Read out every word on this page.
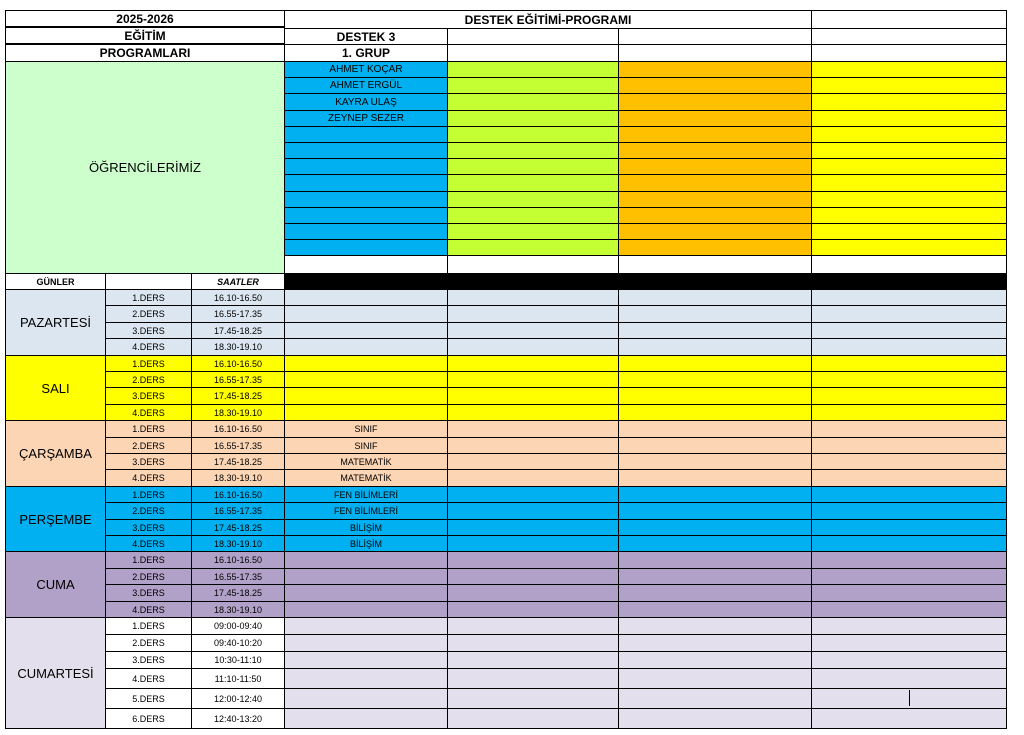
2025-2026
EĞİTİM
PROGRAMLARI
DESTEK EĞİTİMİ-PROGRAMI
DESTEK 3
1. GRUP
ÖĞRENCİLERİMİZ
AHMET KOÇAR
AHMET ERGÜL
KAYRA ULAŞ
ZEYNEP SEZER
GÜNLER	SAATLER
PAZARTESİ
1.DERS	16.10-16.50
2.DERS	16.55-17.35
3.DERS	17.45-18.25
4.DERS	18.30-19.10
SALI
1.DERS	16.10-16.50
2.DERS	16.55-17.35
3.DERS	17.45-18.25
4.DERS	18.30-19.10
ÇARŞAMBA
1.DERS	16.10-16.50	SINIF
2.DERS	16.55-17.35	SINIF
3.DERS	17.45-18.25	MATEMATİK
4.DERS	18.30-19.10	MATEMATİK
PERŞEMBE
1.DERS	16.10-16.50	FEN BİLİMLERİ
2.DERS	16.55-17.35	FEN BİLİMLERİ
3.DERS	17.45-18.25	BİLİŞİM
4.DERS	18.30-19.10	BİLİŞİM
CUMA
1.DERS	16.10-16.50
2.DERS	16.55-17.35
3.DERS	17.45-18.25
4.DERS	18.30-19.10
CUMARTESİ
1.DERS	09:00-09:40
2.DERS	09:40-10:20
3.DERS	10:30-11:10
4.DERS	11:10-11:50
5.DERS	12:00-12:40
6.DERS	12:40-13:20
